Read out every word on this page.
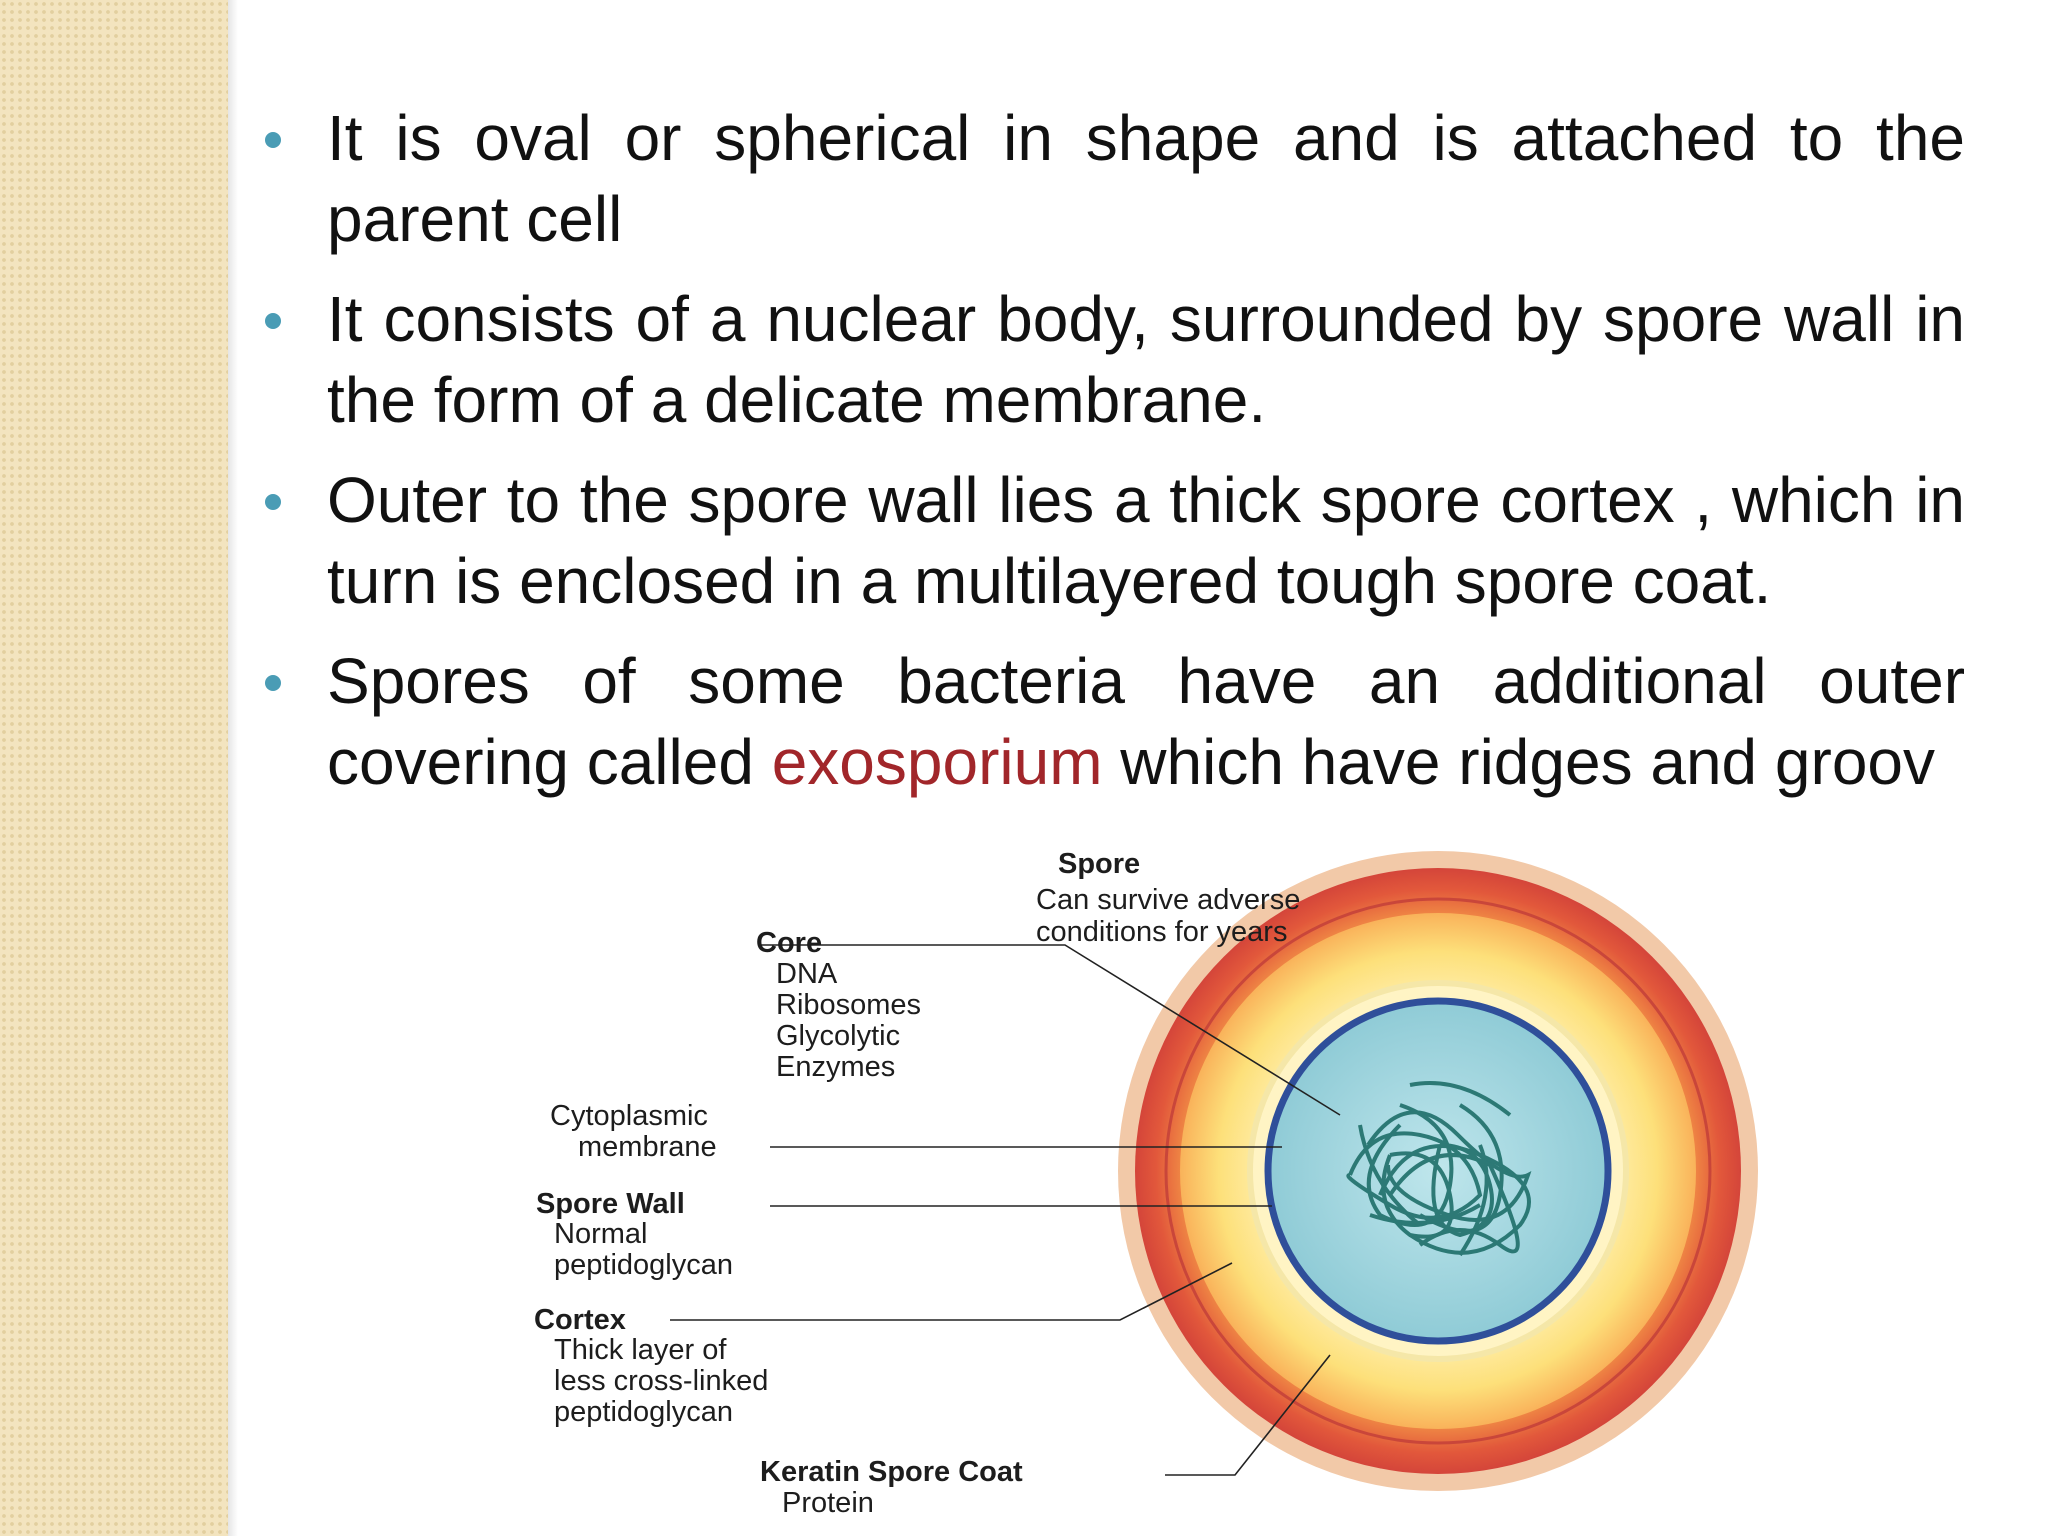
It is oval or spherical in shape and is attached to the parent cell
It consists of a nuclear body, surrounded by spore wall in the form of a delicate membrane.
Outer to the spore wall lies a thick spore cortex , which in turn is enclosed in a multilayered tough spore coat.
Spores of some bacteria have an additional outer covering called exosporium which have ridges and groov
Spore
Can survive adverse
conditions for years
Core
DNA
Ribosomes
Glycolytic
Enzymes
Cytoplasmic
membrane
Spore Wall
Normal
peptidoglycan
Cortex
Thick layer of
less cross-linked
peptidoglycan
Keratin Spore Coat
Protein
